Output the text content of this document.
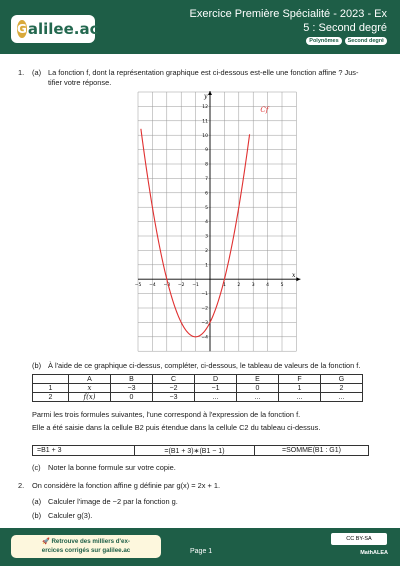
G alilee.ac
Exercice Première Spécialité - 2023 - Ex
5 : Second degré
Polynômes	Second degré
1. (a) La fonction f, dont la représentation graphique est ci-dessous est-elle une fonction affine ? Jus-
tifier votre réponse.
−5 −4 −3 −2 −1	1	2	3	4	5
−4
−3
−2
−1
1
2
3
4
5
6
7
8
9
10
11
12
x
y
Cf
(b) À l'aide de ce graphique ci-dessus, compléter, ci-dessous, le tableau de valeurs de la fonction f.
	A	B	C	D	E	F	G
1	x	−3	−2	−1	0	1	2
2	f(x)	0	−3	...	...	...	...
Parmi les trois formules suivantes, l'une correspond à l'expression de la fonction f.
Elle a été saisie dans la cellule B2 puis étendue dans la cellule C2 du tableau ci-dessus.
=B1 + 3	=(B1 + 3)∗(B1 − 1)	=SOMME(B1 : G1)
(c) Noter la bonne formule sur votre copie.
2. On considère la fonction affine g définie par g(x) = 2x + 1.
(a) Calculer l'image de −2 par la fonction g.
(b) Calculer g(3).
🚀 Retrouve des milliers d'ex-
ercices corrigés sur galilee.ac	Page 1
CC BY-SA
MathALEA
